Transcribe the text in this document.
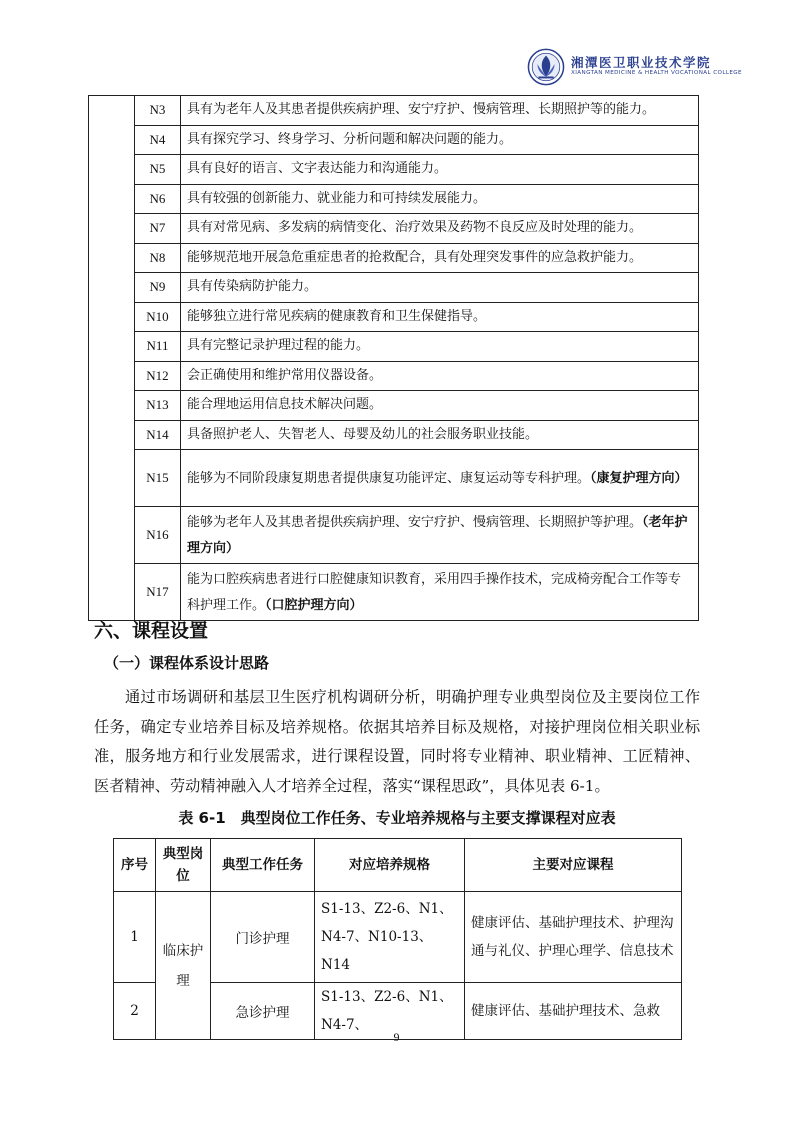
湘潭医卫职业技术学院
XIANGTAN MEDICINE & HEALTH VOCATIONAL COLLEGE
	N3	具有为老年人及其患者提供疾病护理、安宁疗护、慢病管理、长期照护等的能力。
	N4	具有探究学习、终身学习、分析问题和解决问题的能力。
	N5	具有良好的语言、文字表达能力和沟通能力。
	N6	具有较强的创新能力、就业能力和可持续发展能力。
	N7	具有对常见病、多发病的病情变化、治疗效果及药物不良反应及时处理的能力。
	N8	能够规范地开展急危重症患者的抢救配合，具有处理突发事件的应急救护能力。
	N9	具有传染病防护能力。
	N10	能够独立进行常见疾病的健康教育和卫生保健指导。
	N11	具有完整记录护理过程的能力。
	N12	会正确使用和维护常用仪器设备。
	N13	能合理地运用信息技术解决问题。
	N14	具备照护老人、失智老人、母婴及幼儿的社会服务职业技能。
	N15	能够为不同阶段康复期患者提供康复功能评定、康复运动等专科护理。（康复护理方向）
	N16	能够为老年人及其患者提供疾病护理、安宁疗护、慢病管理、长期照护等护理。（老年护理方向）
	N17	能为口腔疾病患者进行口腔健康知识教育，采用四手操作技术，完成椅旁配合工作等专科护理工作。（口腔护理方向）
六、课程设置
（一）课程体系设计思路

通过市场调研和基层卫生医疗机构调研分析，明确护理专业典型岗位及主要岗位工作任务，确定专业培养目标及培养规格。依据其培养目标及规格，对接护理岗位相关职业标准，服务地方和行业发展需求，进行课程设置，同时将专业精神、职业精神、工匠精神、医者精神、劳动精神融入人才培养全过程，落实“课程思政”，具体见表 6-1。

表 6-1　典型岗位工作任务、专业培养规格与主要支撑课程对应表

序号	典型岗位	典型工作任务	对应培养规格	主要对应课程
1	临床护理	门诊护理	S1-13、Z2-6、N1、N4-7、N10-13、N14	健康评估、基础护理技术、护理沟通与礼仪、护理心理学、信息技术
2		急诊护理	S1-13、Z2-6、N1、N4-7、	健康评估、基础护理技术、急救
9
